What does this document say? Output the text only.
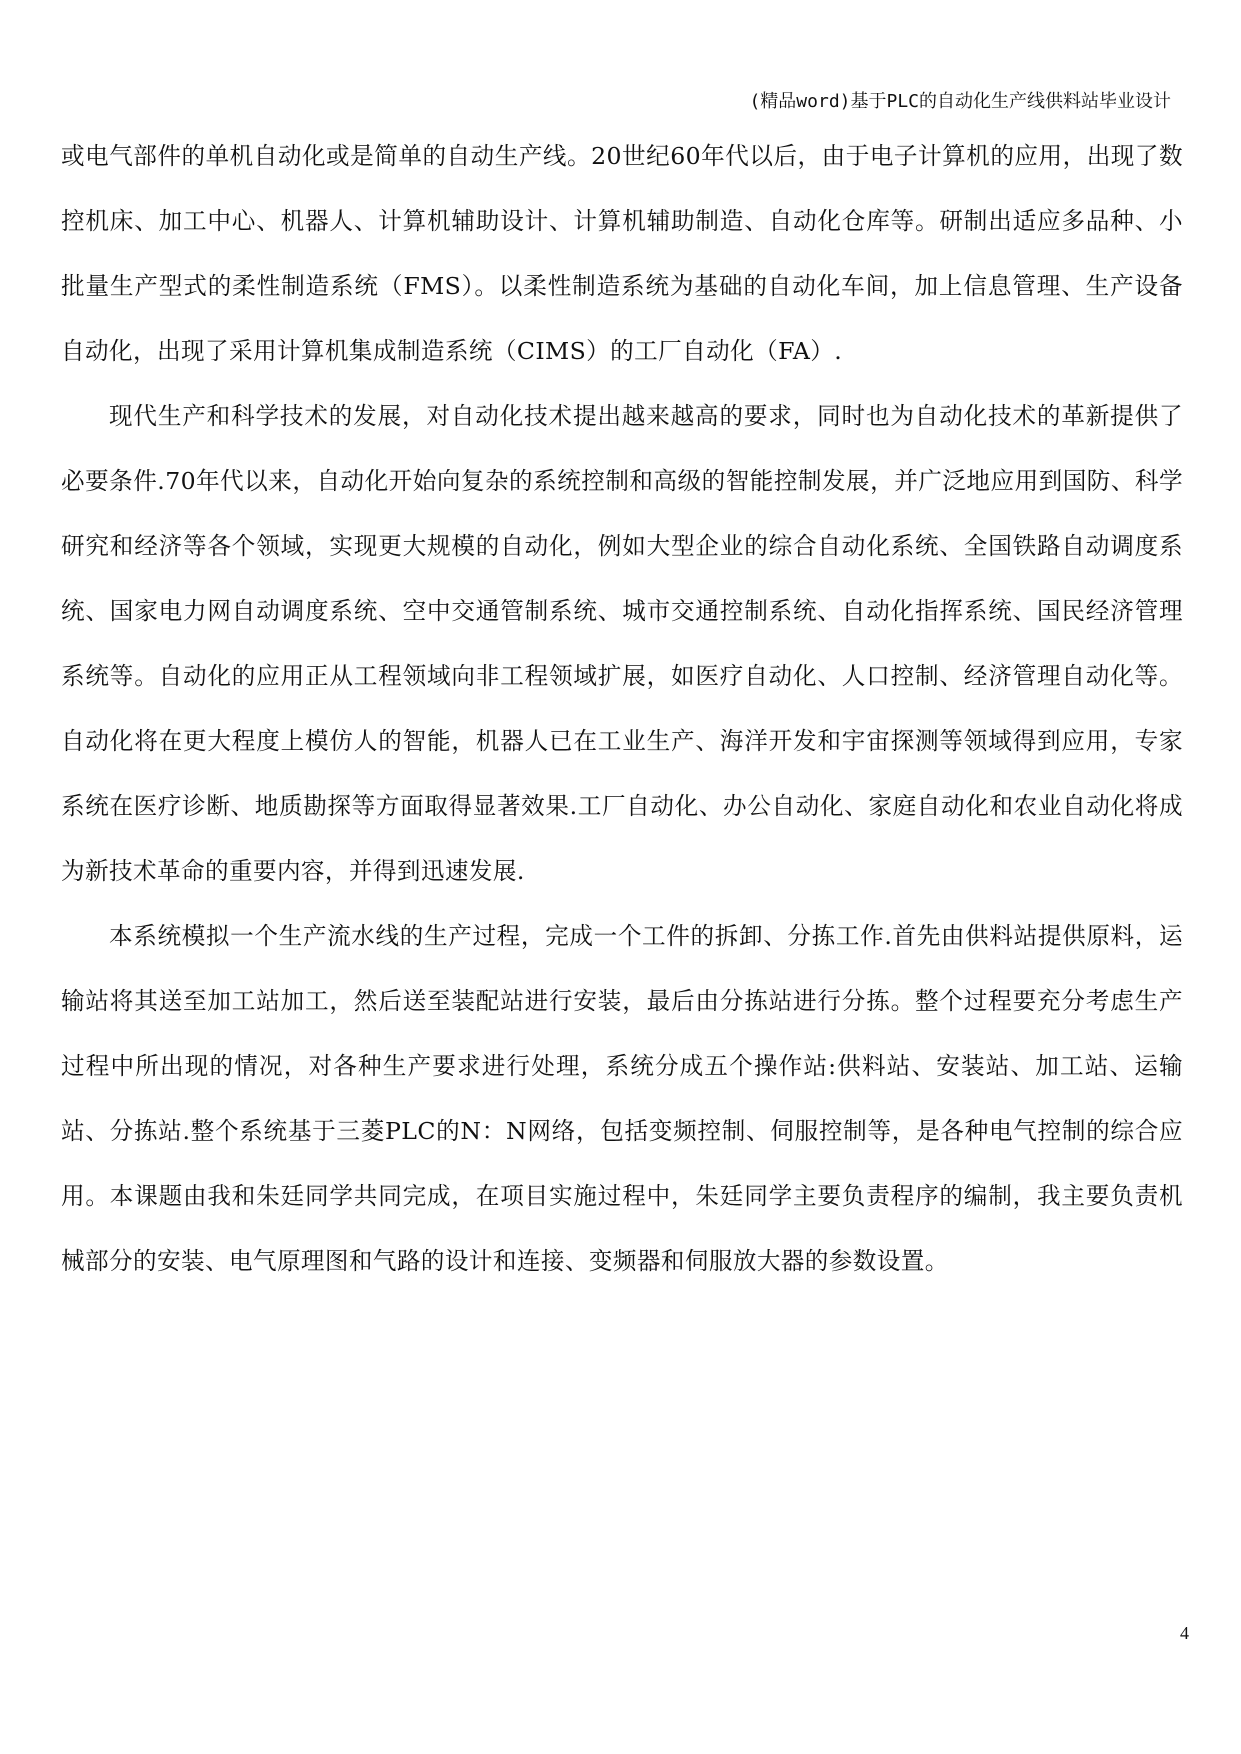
(精品word)基于PLC的自动化生产线供料站毕业设计

或电气部件的单机自动化或是简单的自动生产线。20世纪60年代以后，由于电子计算机的应用，出现了数控机床、加工中心、机器人、计算机辅助设计、计算机辅助制造、自动化仓库等。研制出适应多品种、小批量生产型式的柔性制造系统（FMS）。以柔性制造系统为基础的自动化车间，加上信息管理、生产设备自动化，出现了采用计算机集成制造系统（CIMS）的工厂自动化（FA）.

现代生产和科学技术的发展，对自动化技术提出越来越高的要求，同时也为自动化技术的革新提供了必要条件.70年代以来，自动化开始向复杂的系统控制和高级的智能控制发展，并广泛地应用到国防、科学研究和经济等各个领域，实现更大规模的自动化，例如大型企业的综合自动化系统、全国铁路自动调度系统、国家电力网自动调度系统、空中交通管制系统、城市交通控制系统、自动化指挥系统、国民经济管理系统等。自动化的应用正从工程领域向非工程领域扩展，如医疗自动化、人口控制、经济管理自动化等。自动化将在更大程度上模仿人的智能，机器人已在工业生产、海洋开发和宇宙探测等领域得到应用，专家系统在医疗诊断、地质勘探等方面取得显著效果.工厂自动化、办公自动化、家庭自动化和农业自动化将成为新技术革命的重要内容，并得到迅速发展.

本系统模拟一个生产流水线的生产过程，完成一个工件的拆卸、分拣工作.首先由供料站提供原料，运输站将其送至加工站加工，然后送至装配站进行安装，最后由分拣站进行分拣。整个过程要充分考虑生产过程中所出现的情况，对各种生产要求进行处理，系统分成五个操作站:供料站、安装站、加工站、运输站、分拣站.整个系统基于三菱PLC的N：N网络，包括变频控制、伺服控制等，是各种电气控制的综合应用。本课题由我和朱廷同学共同完成，在项目实施过程中，朱廷同学主要负责程序的编制，我主要负责机械部分的安装、电气原理图和气路的设计和连接、变频器和伺服放大器的参数设置。

4
